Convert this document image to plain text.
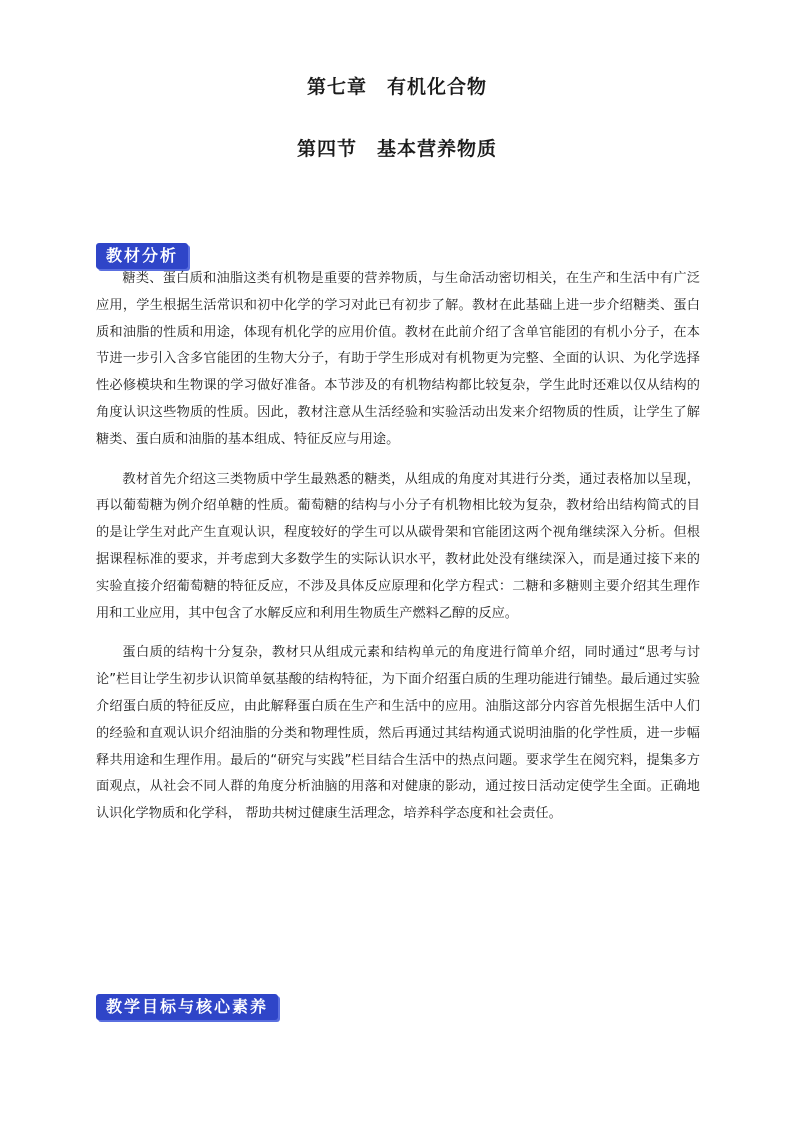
第七章　有机化合物
第四节　基本营养物质
教材分析

糖类、蛋白质和油脂这类有机物是重要的营养物质，与生命活动密切相关，在生产和生活中有广泛应用，学生根据生活常识和初中化学的学习对此已有初步了解。教材在此基础上进一步介绍糖类、蛋白质和油脂的性质和用途，体现有机化学的应用价值。教材在此前介绍了含单官能团的有机小分子，在本节进一步引入含多官能团的生物大分子，有助于学生形成对有机物更为完整、全面的认识、为化学选择性必修模块和生物课的学习做好准备。本节涉及的有机物结构都比较复杂，学生此时还难以仅从结构的角度认识这些物质的性质。因此，教材注意从生活经验和实验活动出发来介绍物质的性质，让学生了解糖类、蛋白质和油脂的基本组成、特征反应与用途。

教材首先介绍这三类物质中学生最熟悉的糖类，从组成的角度对其进行分类，通过表格加以呈现，再以葡萄糖为例介绍单糖的性质。葡萄糖的结构与小分子有机物相比较为复杂，教材给出结构简式的目的是让学生对此产生直观认识，程度较好的学生可以从碳骨架和官能团这两个视角继续深入分析。但根据课程标准的要求，并考虑到大多数学生的实际认识水平，教材此处没有继续深入，而是通过接下来的实验直接介绍葡萄糖的特征反应，不涉及具体反应原理和化学方程式：二糖和多糖则主要介绍其生理作用和工业应用，其中包含了水解反应和利用生物质生产燃料乙醇的反应。

蛋白质的结构十分复杂，教材只从组成元素和结构单元的角度进行简单介绍，同时通过“思考与讨论”栏目让学生初步认识简单氨基酸的结构特征，为下面介绍蛋白质的生理功能进行铺垫。最后通过实验介绍蛋白质的特征反应，由此解释蛋白质在生产和生活中的应用。油脂这部分内容首先根据生活中人们的经验和直观认识介绍油脂的分类和物理性质，然后再通过其结构通式说明油脂的化学性质，进一步幅释共用途和生理作用。最后的“研究与实践”栏目结合生活中的热点问题。要求学生在阅究料，提集多方面观点，从社会不同人群的角度分析油脑的用落和对健康的影动，通过按日活动定使学生全面。正确地认识化学物质和化学科， 帮助共树过健康生活理念，培养科学态度和社会责任。

教学目标与核心素养
